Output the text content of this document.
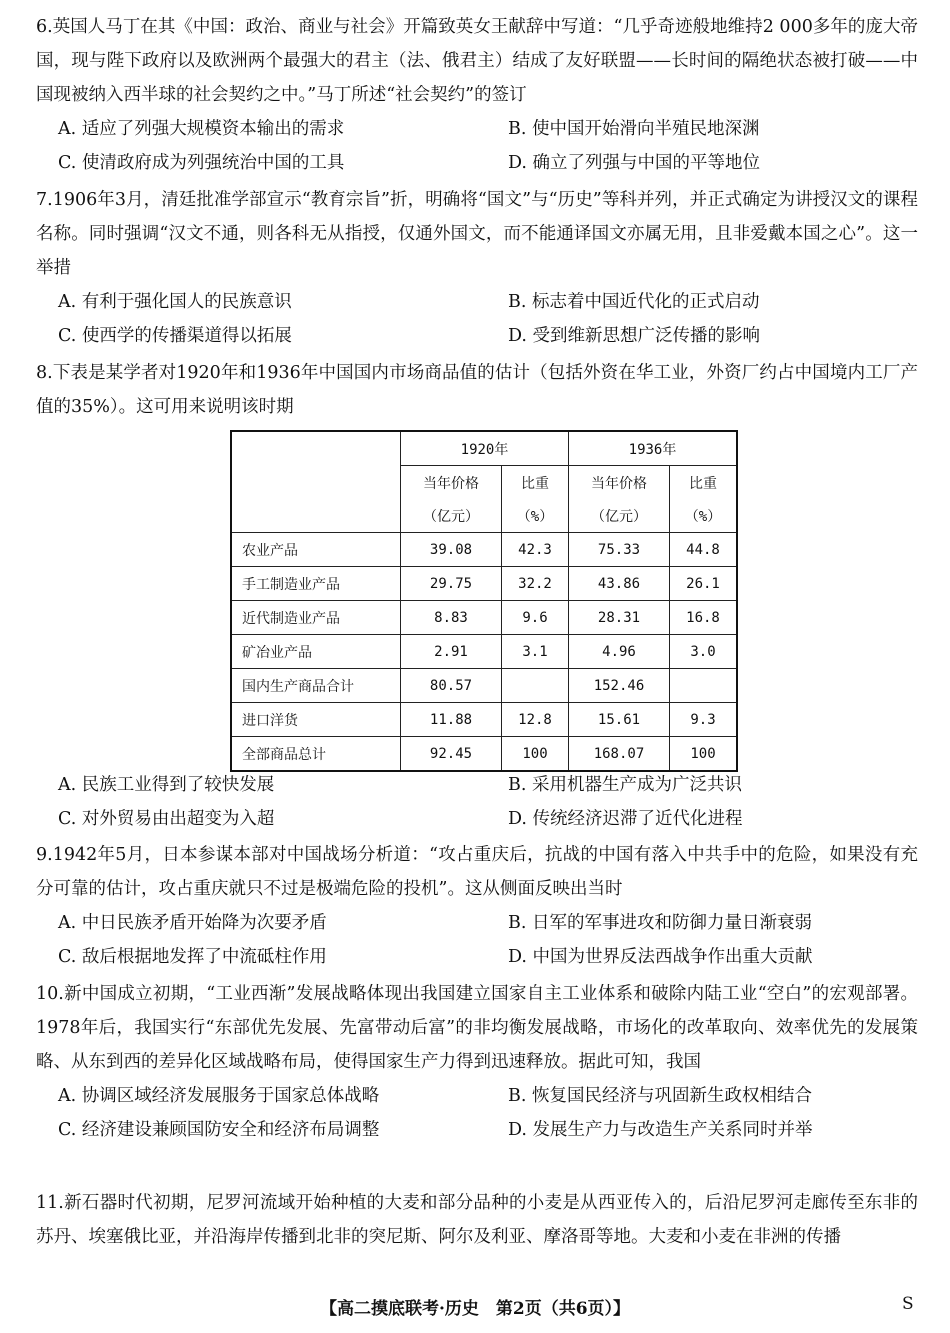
6.英国人马丁在其《中国：政治、商业与社会》开篇致英女王献辞中写道：“几乎奇迹般地维持2 000多年的庞大帝国，现与陛下政府以及欧洲两个最强大的君主（法、俄君主）结成了友好联盟——长时间的隔绝状态被打破——中国现被纳入西半球的社会契约之中。”马丁所述“社会契约”的签订

A. 适应了列强大规模资本输出的需求	B. 使中国开始滑向半殖民地深渊
C. 使清政府成为列强统治中国的工具	D. 确立了列强与中国的平等地位

7.1906年3月，清廷批准学部宣示“教育宗旨”折，明确将“国文”与“历史”等科并列，并正式确定为讲授汉文的课程名称。同时强调“汉文不通，则各科无从指授，仅通外国文，而不能通译国文亦属无用，且非爱戴本国之心”。这一举措

A. 有利于强化国人的民族意识	B. 标志着中国近代化的正式启动
C. 使西学的传播渠道得以拓展	D. 受到维新思想广泛传播的影响

8.下表是某学者对1920年和1936年中国国内市场商品值的估计（包括外资在华工业，外资厂约占中国境内工厂产值的35%）。这可用来说明该时期

	1920年		1936年	
	当年价格	比重	当年价格	比重
	（亿元）	（%）	（亿元）	（%）
农业产品	39.08	42.3	75.33	44.8
手工制造业产品	29.75	32.2	43.86	26.1
近代制造业产品	8.83	9.6	28.31	16.8
矿冶业产品	2.91	3.1	4.96	3.0
国内生产商品合计	80.57		152.46	
进口洋货	11.88	12.8	15.61	9.3
全部商品总计	92.45	100	168.07	100
A. 民族工业得到了较快发展	B. 采用机器生产成为广泛共识
C. 对外贸易由出超变为入超	D. 传统经济迟滞了近代化进程

9.1942年5月，日本参谋本部对中国战场分析道：“攻占重庆后，抗战的中国有落入中共手中的危险，如果没有充分可靠的估计，攻占重庆就只不过是极端危险的投机”。这从侧面反映出当时

A. 中日民族矛盾开始降为次要矛盾	B. 日军的军事进攻和防御力量日渐衰弱
C. 敌后根据地发挥了中流砥柱作用	D. 中国为世界反法西战争作出重大贡献

10.新中国成立初期，“工业西渐”发展战略体现出我国建立国家自主工业体系和破除内陆工业“空白”的宏观部署。1978年后，我国实行“东部优先发展、先富带动后富”的非均衡发展战略，市场化的改革取向、效率优先的发展策略、从东到西的差异化区域战略布局，使得国家生产力得到迅速释放。据此可知，我国

A. 协调区域经济发展服务于国家总体战略	B. 恢复国民经济与巩固新生政权相结合
C. 经济建设兼顾国防安全和经济布局调整	D. 发展生产力与改造生产关系同时并举

11.新石器时代初期，尼罗河流域开始种植的大麦和部分品种的小麦是从西亚传入的，后沿尼罗河走廊传至东非的苏丹、埃塞俄比亚，并沿海岸传播到北非的突尼斯、阿尔及利亚、摩洛哥等地。大麦和小麦在非洲的传播

【高二摸底联考·历史　第2页（共6页）】	S
